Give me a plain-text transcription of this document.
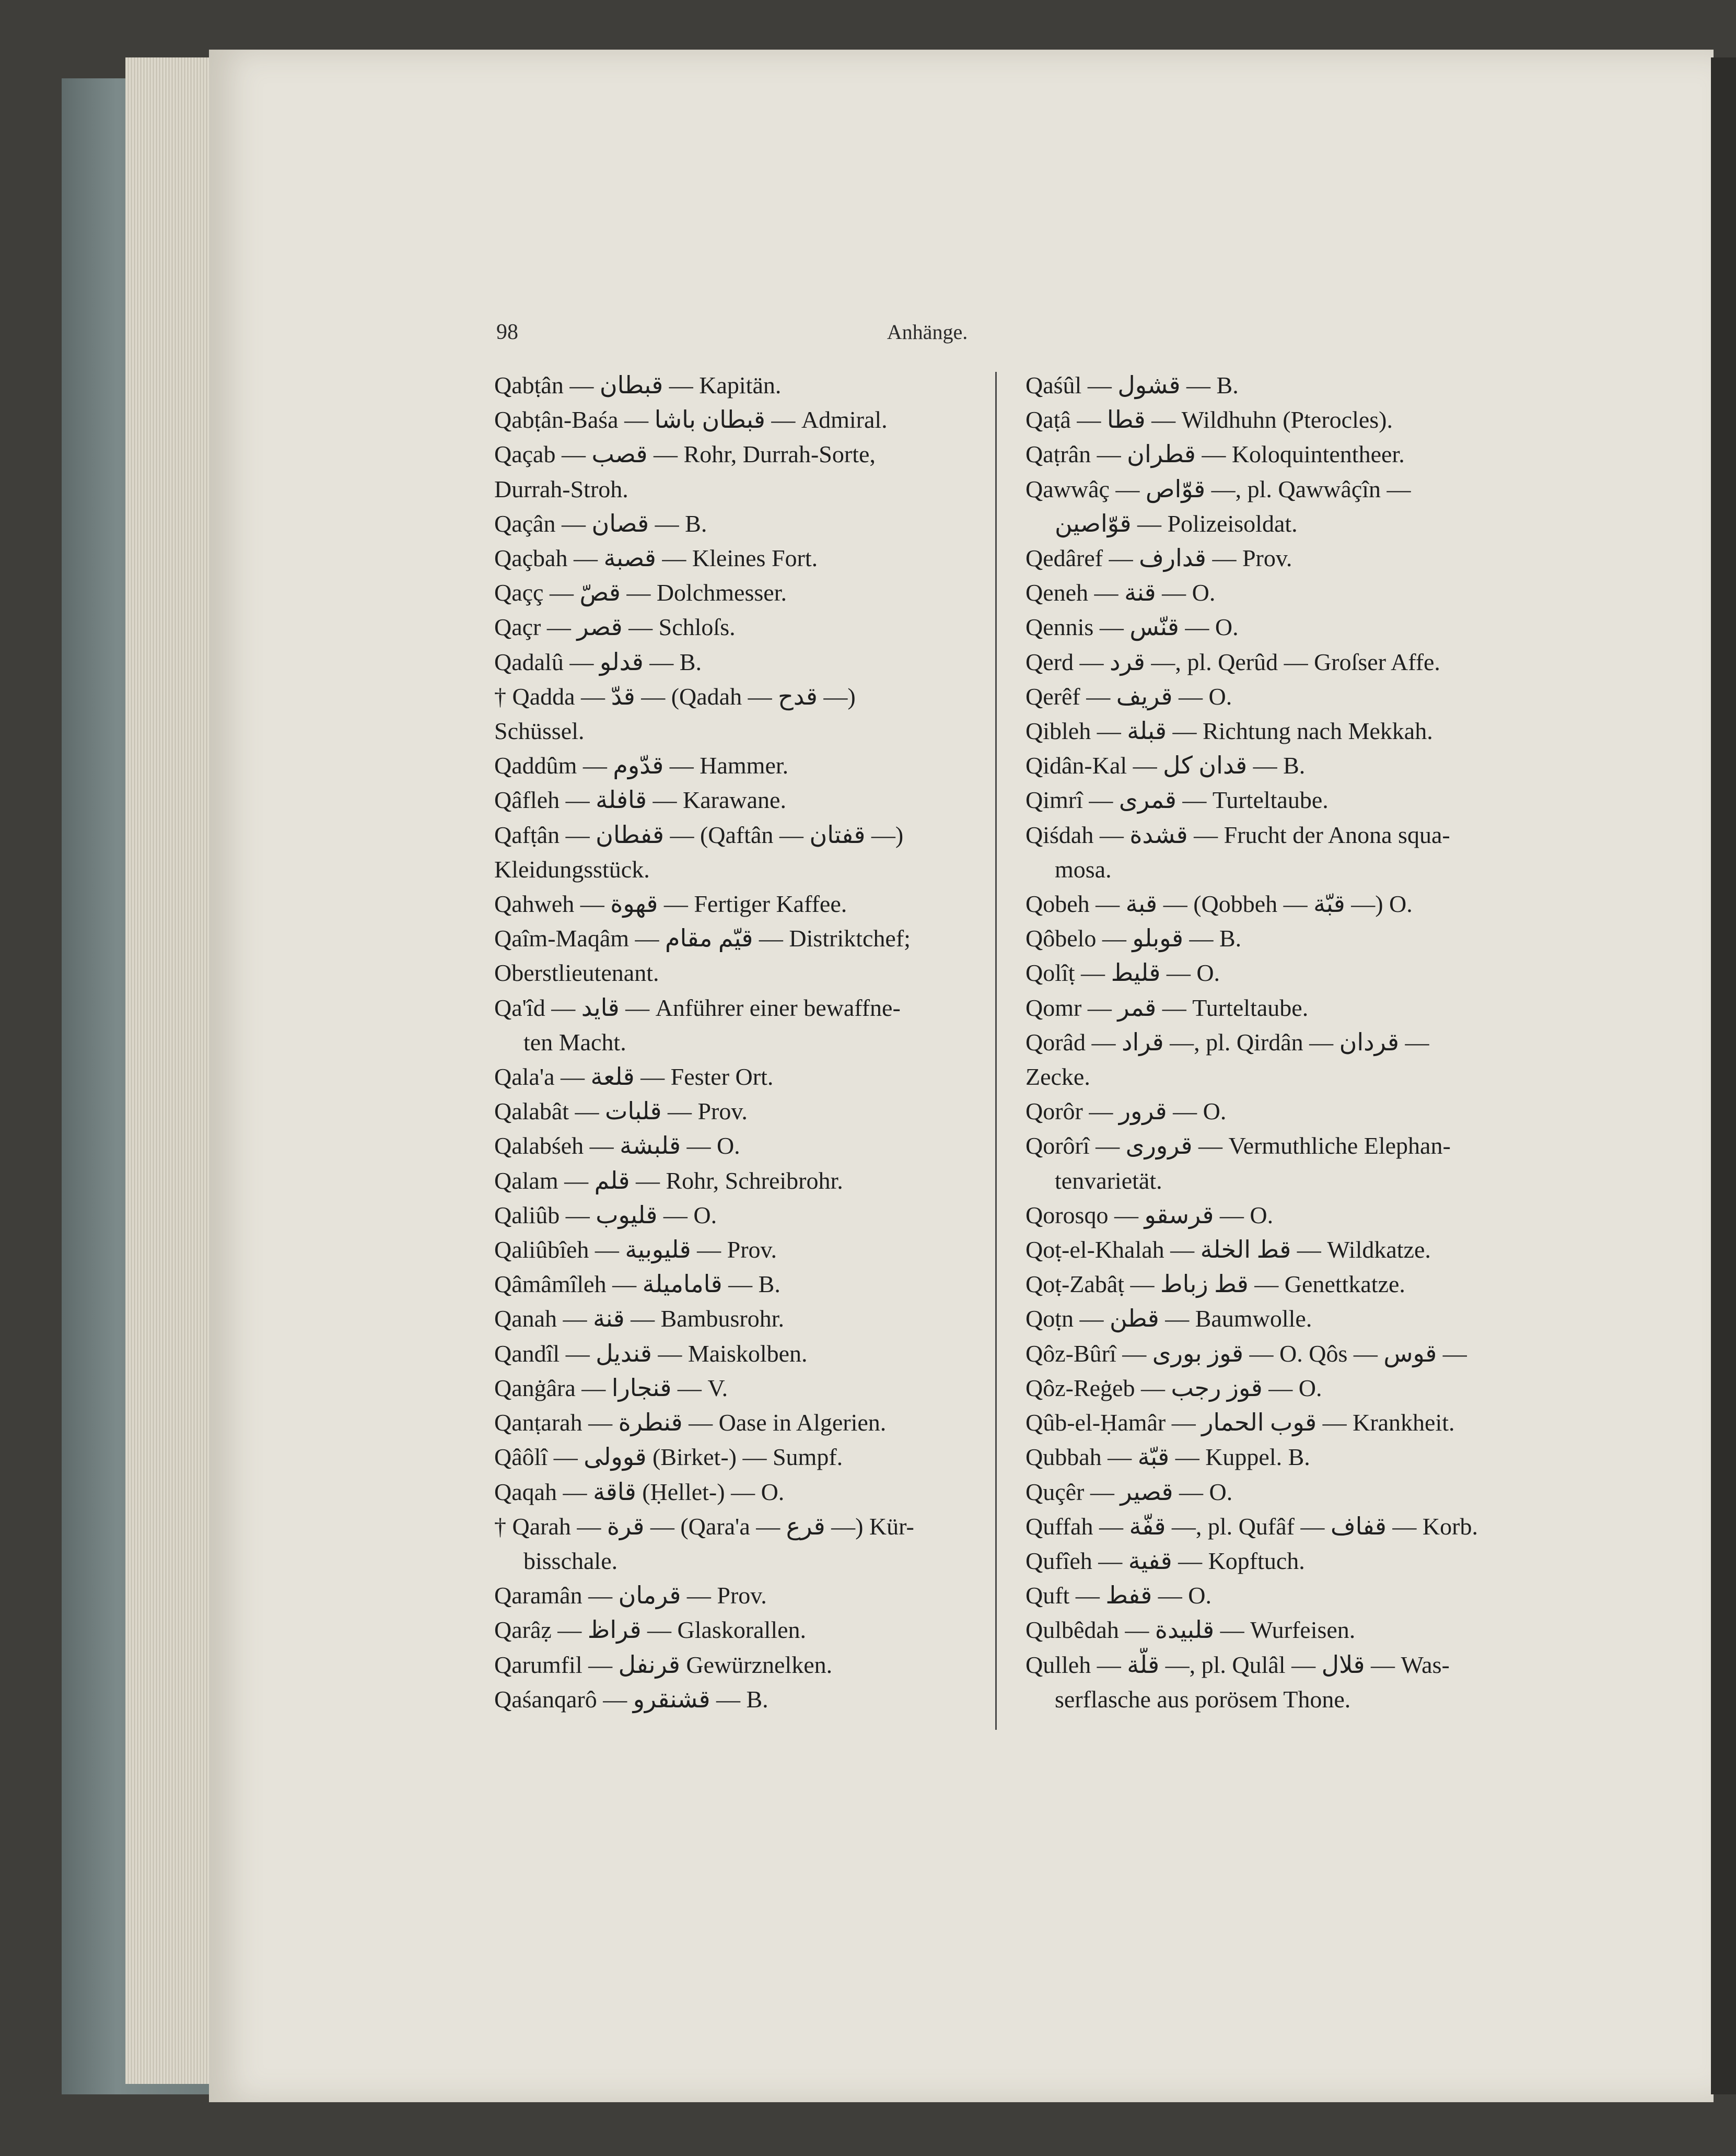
98	Anhänge.
Qabṭân — قبطان — Kapitän.
Qabṭân-Baśa — قبطان باشا — Admiral.
Qaçab — قصب — Rohr, Durrah-Sorte,
Durrah-Stroh.
Qaçân — قصان — B.
Qaçbah — قصبة — Kleines Fort.
Qaçç — قصّ — Dolchmesser.
Qaçr — قصر — Schloſs.
Qadalû — قدلو — B.
† Qadda — قدّ — (Qadah — قدح —)
Schüssel.
Qaddûm — قدّوم — Hammer.
Qâfleh — قافلة — Karawane.
Qafṭân — قفطان — (Qaftân — قفتان —)
Kleidungsstück.
Qahweh — قهوة — Fertiger Kaffee.
Qaîm-Maqâm — قيّم مقام — Distriktchef;
Oberstlieutenant.
Qa'îd — قايد — Anführer einer bewaffne-
ten Macht.
Qala'a — قلعة — Fester Ort.
Qalabât — قلبات — Prov.
Qalabśeh — قلبشة — O.
Qalam — قلم — Rohr, Schreibrohr.
Qaliûb — قليوب — O.
Qaliûbîeh — قليوبية — Prov.
Qâmâmîleh — قامامیلة — B.
Qanah — قنة — Bambusrohr.
Qandîl — قنديل — Maiskolben.
Qanġâra — قنجارا — V.
Qanṭarah — قنطرة — Oase in Algerien.
Qâôlî — قوولی (Birket-) — Sumpf.
Qaqah — قاقة (Ḥellet-) — O.
† Qarah — قرة — (Qara'a — قرع —) Kür-
bisschale.
Qaramân — قرمان — Prov.
Qarâẓ — قراظ — Glaskorallen.
Qarumfil — قرنفل Gewürznelken.
Qaśanqarô — قشنقرو — B.
Qaśûl — قشول — B.
Qaṭâ — قطا — Wildhuhn (Pterocles).
Qaṭrân — قطران — Koloquintentheer.
Qawwâç — قوّاص —, pl. Qawwâçîn —
قوّاصين — Polizeisoldat.
Qedâref — قدارف — Prov.
Qeneh — قنة — O.
Qennis — قنّس — O.
Qerd — قرد —, pl. Qerûd — Groſser Affe.
Qerêf — قريف — O.
Qibleh — قبلة — Richtung nach Mekkah.
Qidân-Kal — قدان كل — B.
Qimrî — قمرى — Turteltaube.
Qiśdah — قشدة — Frucht der Anona squa-
mosa.
Qobeh — قبة — (Qobbeh — قبّة —) O.
Qôbelo — قوبلو — B.
Qolîṭ — قليط — O.
Qomr — قمر — Turteltaube.
Qorâd — قراد —, pl. Qirdân — قردان —
Zecke.
Qorôr — قرور — O.
Qorôrî — قرورى — Vermuthliche Elephan-
tenvarietät.
Qorosqo — قرسقو — O.
Qoṭ-el-Khalah — قط الخلة — Wildkatze.
Qoṭ-Zabâṭ — قط زباط — Genettkatze.
Qoṭn — قطن — Baumwolle.
Qôz-Bûrî — قوز بورى — O. Qôs — قوس —
Qôz-Reġeb — قوز رجب — O.
Qûb-el-Ḥamâr — قوب الحمار — Krankheit.
Qubbah — قبّة — Kuppel. B.
Quçêr — قصير — O.
Quffah — قفّة —, pl. Qufâf — قفاف — Korb.
Qufîeh — قفية — Kopftuch.
Quft — قفط — O.
Qulbêdah — قلبيدة — Wurfeisen.
Qulleh — قلّة —, pl. Qulâl — قلال — Was-
serflasche aus porösem Thone.
